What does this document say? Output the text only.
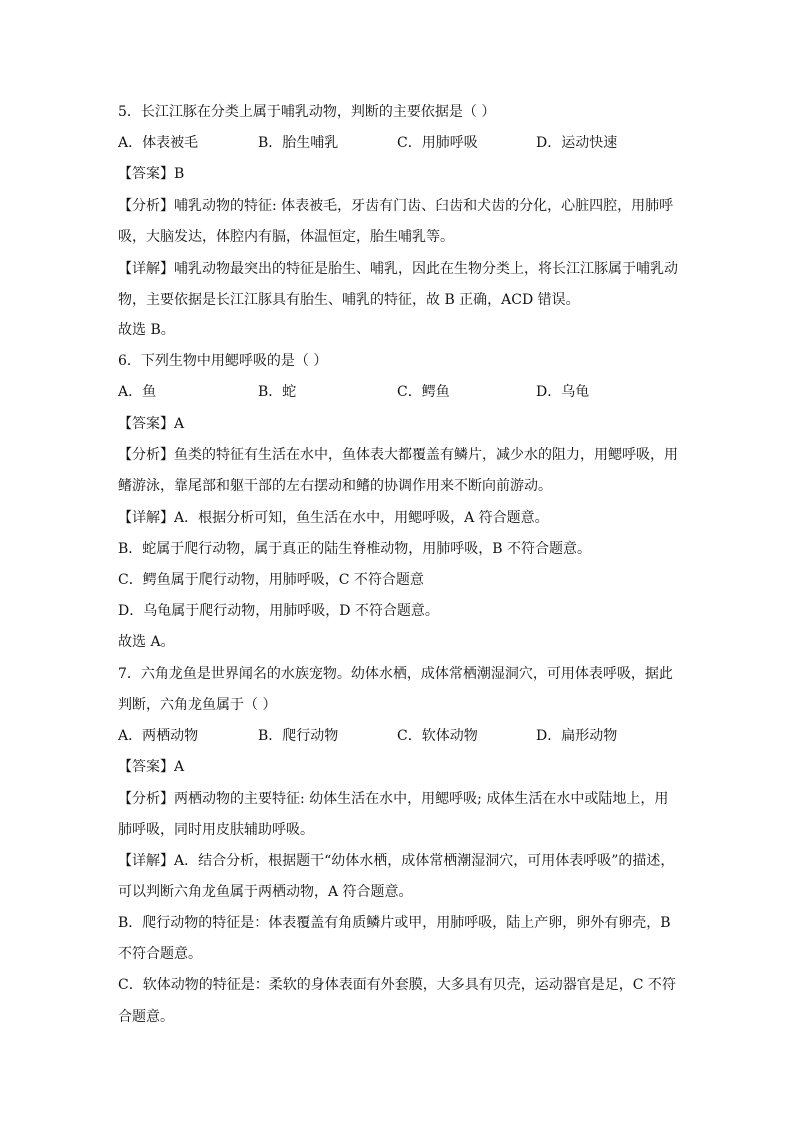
5．长江江豚在分类上属于哺乳动物，判断的主要依据是（ ）
A．体表被毛	B．胎生哺乳	C．用肺呼吸	D．运动快速
【答案】B
【分析】哺乳动物的特征: 体表被毛，牙齿有门齿、臼齿和犬齿的分化，心脏四腔，用肺呼
吸，大脑发达，体腔内有膈，体温恒定，胎生哺乳等。
【详解】哺乳动物最突出的特征是胎生、哺乳，因此在生物分类上，将长江江豚属于哺乳动
物，主要依据是长江江豚具有胎生、哺乳的特征，故 B 正确，ACD 错误。
故选 B。
6．下列生物中用鳃呼吸的是（ ）
A．鱼	B．蛇	C．鳄鱼	D．乌龟
【答案】A
【分析】鱼类的特征有生活在水中，鱼体表大都覆盖有鳞片，减少水的阻力，用鳃呼吸，用
鳍游泳，靠尾部和躯干部的左右摆动和鳍的协调作用来不断向前游动。
【详解】A．根据分析可知，鱼生活在水中，用鳃呼吸，A 符合题意。
B．蛇属于爬行动物，属于真正的陆生脊椎动物，用肺呼吸，B 不符合题意。
C．鳄鱼属于爬行动物，用肺呼吸，C 不符合题意
D．乌龟属于爬行动物，用肺呼吸，D 不符合题意。
故选 A。
7．六角龙鱼是世界闻名的水族宠物。幼体水栖，成体常栖潮湿洞穴，可用体表呼吸，据此
判断，六角龙鱼属于（ ）
A．两栖动物	B．爬行动物	C．软体动物	D．扁形动物
【答案】A
【分析】两栖动物的主要特征: 幼体生活在水中，用鳃呼吸; 成体生活在水中或陆地上，用
肺呼吸，同时用皮肤辅助呼吸。
【详解】A．结合分析，根据题干“幼体水栖，成体常栖潮湿洞穴，可用体表呼吸”的描述，
可以判断六角龙鱼属于两栖动物，A 符合题意。
B．爬行动物的特征是：体表覆盖有角质鳞片或甲，用肺呼吸，陆上产卵，卵外有卵壳，B
不符合题意。
C．软体动物的特征是：柔软的身体表面有外套膜，大多具有贝壳，运动器官是足，C 不符
合题意。
